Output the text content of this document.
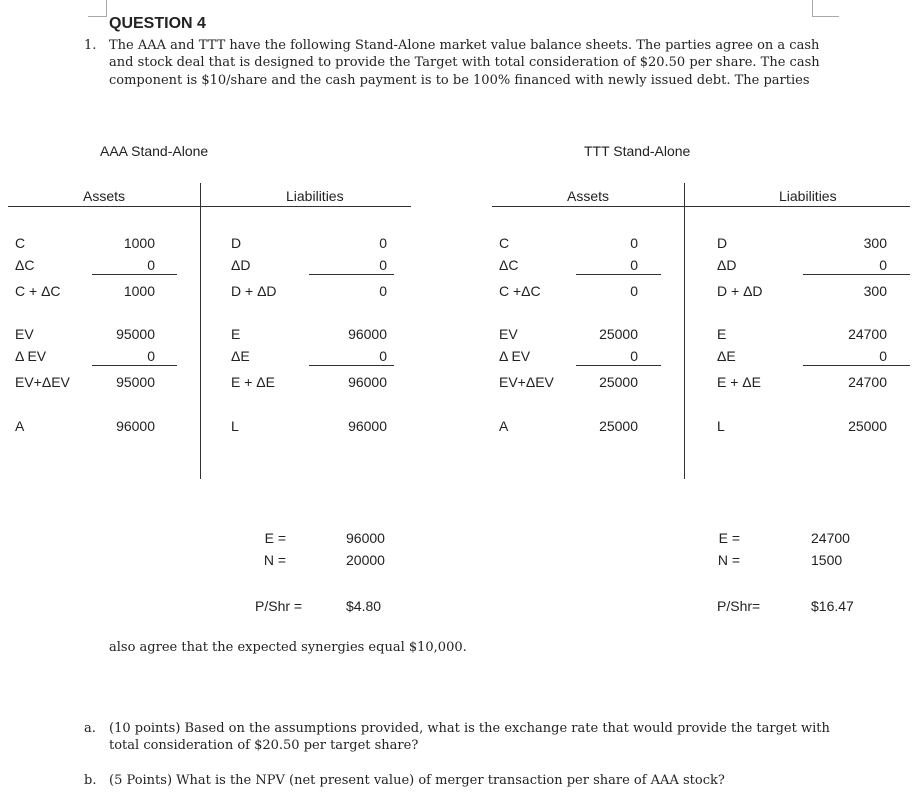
QUESTION 4
1. The AAA and TTT have the following Stand-Alone market value balance sheets. The parties agree on a cash
and stock deal that is designed to provide the Target with total consideration of $20.50 per share. The cash
component is $10/share and the cash payment is to be 100% financed with newly issued debt. The parties
AAA Stand-Alone
Assets	Liabilities
C	1000	D	0
ΔC	0	ΔD	0
C + ΔC	1000	D + ΔD	0
EV	95000	E	96000
Δ EV	0	ΔE	0
EV+ΔEV	95000	E + ΔE	96000
A	96000	L	96000
E =	96000
N =	20000
P/Shr =	$4.80
TTT Stand-Alone
Assets	Liabilities
C	0	D	300
ΔC	0	ΔD	0
C +ΔC	0	D + ΔD	300
EV	25000	E	24700
Δ EV	0	ΔE	0
EV+ΔEV	25000	E + ΔE	24700
A	25000	L	25000
E =	24700
N =	1500
P/Shr=	$16.47
also agree that the expected synergies equal $10,000.
a. (10 points) Based on the assumptions provided, what is the exchange rate that would provide the target with
total consideration of $20.50 per target share?
b. (5 Points) What is the NPV (net present value) of merger transaction per share of AAA stock?
